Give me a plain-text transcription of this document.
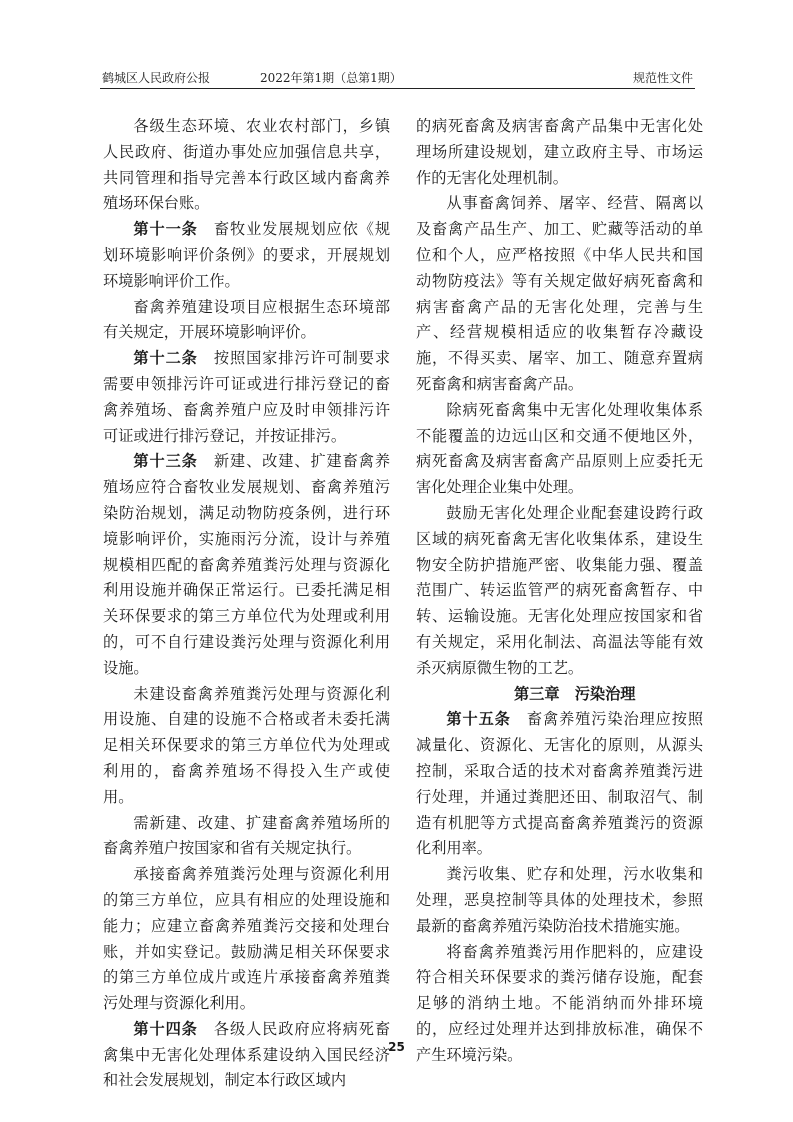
鹤城区人民政府公报	2022年第1期（总第1期）	规范性文件

各级生态环境、农业农村部门，乡镇人民政府、街道办事处应加强信息共享，共同管理和指导完善本行政区域内畜禽养殖场环保台账。

第十一条　 畜牧业发展规划应依《规划环境影响评价条例》的要求，开展规划环境影响评价工作。

畜禽养殖建设项目应根据生态环境部有关规定，开展环境影响评价。

第十二条　 按照国家排污许可制要求需要申领排污许可证或进行排污登记的畜禽养殖场、畜禽养殖户应及时申领排污许可证或进行排污登记，并按证排污。

第十三条　 新建、改建、扩建畜禽养殖场应符合畜牧业发展规划、畜禽养殖污染防治规划，满足动物防疫条例，进行环境影响评价，实施雨污分流，设计与养殖规模相匹配的畜禽养殖粪污处理与资源化利用设施并确保正常运行。已委托满足相关环保要求的第三方单位代为处理或利用的，可不自行建设粪污处理与资源化利用设施。

未建设畜禽养殖粪污处理与资源化利用设施、自建的设施不合格或者未委托满足相关环保要求的第三方单位代为处理或利用的，畜禽养殖场不得投入生产或使用。

需新建、改建、扩建畜禽养殖场所的畜禽养殖户按国家和省有关规定执行。

承接畜禽养殖粪污处理与资源化利用的第三方单位，应具有相应的处理设施和能力；应建立畜禽养殖粪污交接和处理台账，并如实登记。鼓励满足相关环保要求的第三方单位成片或连片承接畜禽养殖粪污处理与资源化利用。

第十四条　 各级人民政府应将病死畜禽集中无害化处理体系建设纳入国民经济和社会发展规划，制定本行政区域内

的病死畜禽及病害畜禽产品集中无害化处理场所建设规划，建立政府主导、市场运作的无害化处理机制。

从事畜禽饲养、屠宰、经营、隔离以及畜禽产品生产、加工、贮藏等活动的单位和个人，应严格按照《中华人民共和国动物防疫法》等有关规定做好病死畜禽和病害畜禽产品的无害化处理，完善与生产、经营规模相适应的收集暂存冷藏设施，不得买卖、屠宰、加工、随意弃置病死畜禽和病害畜禽产品。

除病死畜禽集中无害化处理收集体系不能覆盖的边远山区和交通不便地区外，病死畜禽及病害畜禽产品原则上应委托无害化处理企业集中处理。

鼓励无害化处理企业配套建设跨行政区域的病死畜禽无害化收集体系，建设生物安全防护措施严密、收集能力强、覆盖范围广、转运监管严的病死畜禽暂存、中转、运输设施。无害化处理应按国家和省有关规定，采用化制法、高温法等能有效杀灭病原微生物的工艺。

第三章　污染治理

第十五条　 畜禽养殖污染治理应按照减量化、资源化、无害化的原则，从源头控制，采取合适的技术对畜禽养殖粪污进行处理，并通过粪肥还田、制取沼气、制造有机肥等方式提高畜禽养殖粪污的资源化利用率。

粪污收集、贮存和处理，污水收集和处理，恶臭控制等具体的处理技术，参照最新的畜禽养殖污染防治技术措施实施。

将畜禽养殖粪污用作肥料的，应建设符合相关环保要求的粪污储存设施，配套足够的消纳土地。不能消纳而外排环境的，应经过处理并达到排放标准，确保不产生环境污染。

25
